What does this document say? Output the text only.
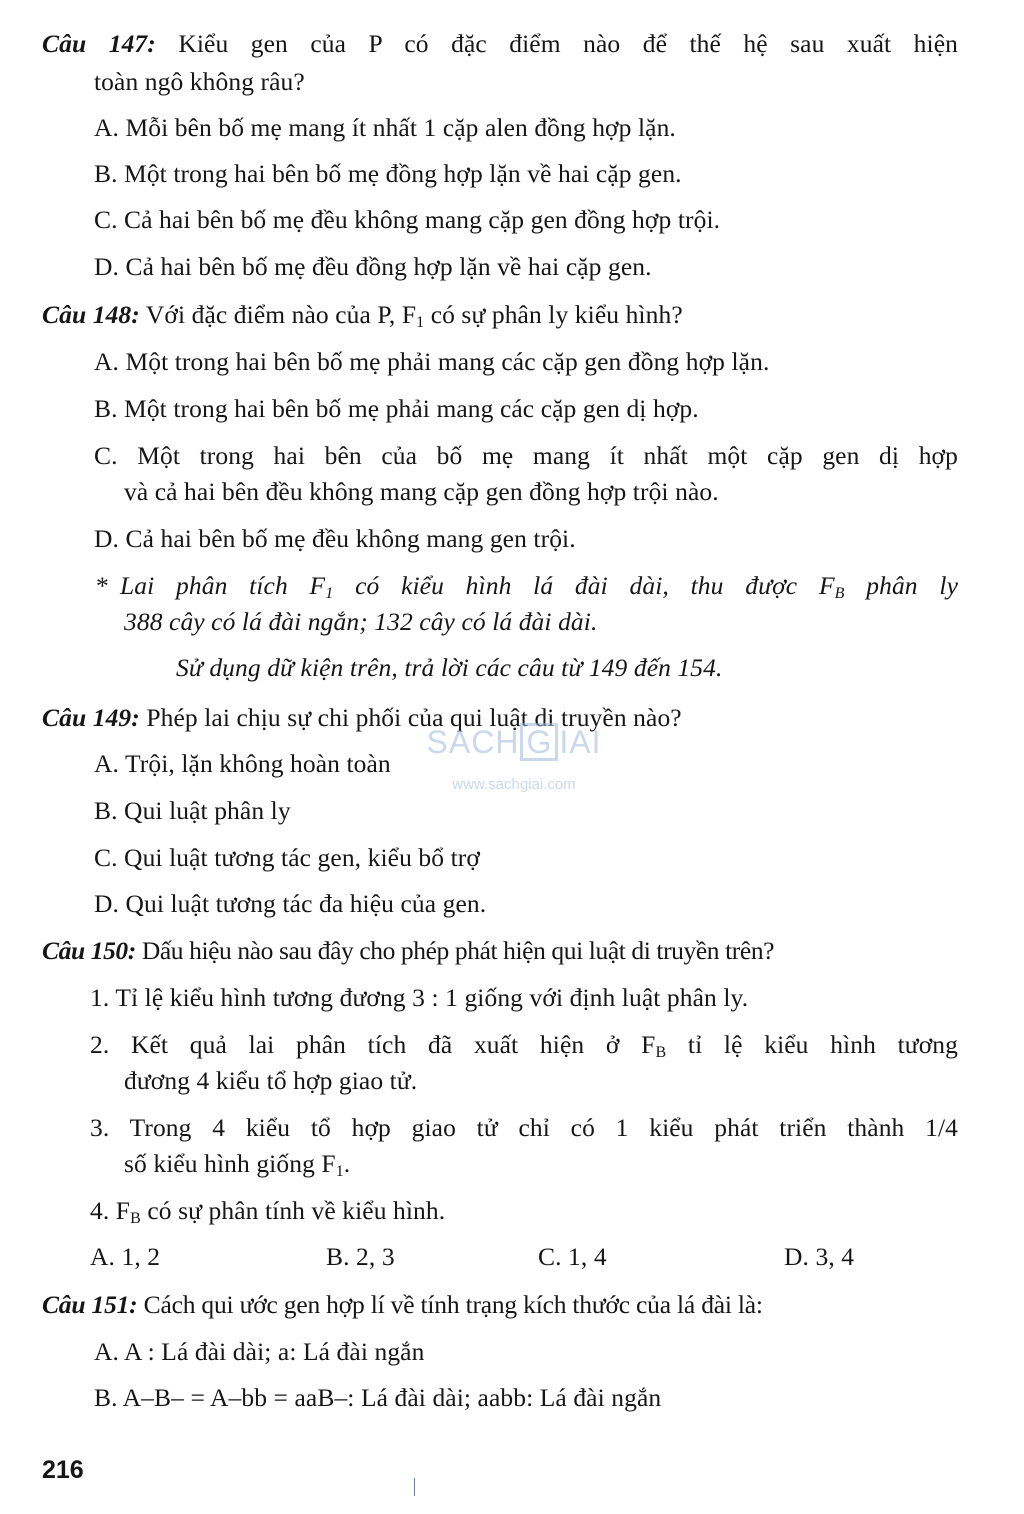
Câu 147: Kiểu gen của P có đặc điểm nào để thế hệ sau xuất hiện
toàn ngô không râu?
A. Mỗi bên bố mẹ mang ít nhất 1 cặp alen đồng hợp lặn.
B. Một trong hai bên bố mẹ đồng hợp lặn về hai cặp gen.
C. Cả hai bên bố mẹ đều không mang cặp gen đồng hợp trội.
D. Cả hai bên bố mẹ đều đồng hợp lặn về hai cặp gen.
Câu 148: Với đặc điểm nào của P, $F_1$ có sự phân ly kiểu hình?
A. Một trong hai bên bố mẹ phải mang các cặp gen đồng hợp lặn.
B. Một trong hai bên bố mẹ phải mang các cặp gen dị hợp.
C. Một trong hai bên của bố mẹ mang ít nhất một cặp gen dị hợp
và cả hai bên đều không mang cặp gen đồng hợp trội nào.
D. Cả hai bên bố mẹ đều không mang gen trội.
* Lai phân tích $F_1$ có kiểu hình lá đài dài, thu được $F_B$ phân ly
388 cây có lá đài ngắn; 132 cây có lá đài dài.
Sử dụng dữ kiện trên, trả lời các câu từ 149 đến 154.
Câu 149: Phép lai chịu sự chi phối của qui luật di truyền nào?
A. Trội, lặn không hoàn toàn
B. Qui luật phân ly
C. Qui luật tương tác gen, kiểu bổ trợ
D. Qui luật tương tác đa hiệu của gen.
Câu 150: Dấu hiệu nào sau đây cho phép phát hiện qui luật di truyền trên?
1. Tỉ lệ kiểu hình tương đương 3 : 1 giống với định luật phân ly.
2. Kết quả lai phân tích đã xuất hiện ở $F_B$ tỉ lệ kiểu hình tương
đương 4 kiểu tổ hợp giao tử.
3. Trong 4 kiểu tổ hợp giao tử chỉ có 1 kiểu phát triển thành 1/4
số kiểu hình giống $F_1$.
4. $F_B$ có sự phân tính về kiểu hình.
A. 1, 2	B. 2, 3	C. 1, 4	D. 3, 4
Câu 151: Cách qui ước gen hợp lí về tính trạng kích thước của lá đài là:
A. A : Lá đài dài; a: Lá đài ngắn
B. A–B– = A–bb = aaB–: Lá đài dài; aabb: Lá đài ngắn
216
SACH G IAI
www.sachgiai.com
